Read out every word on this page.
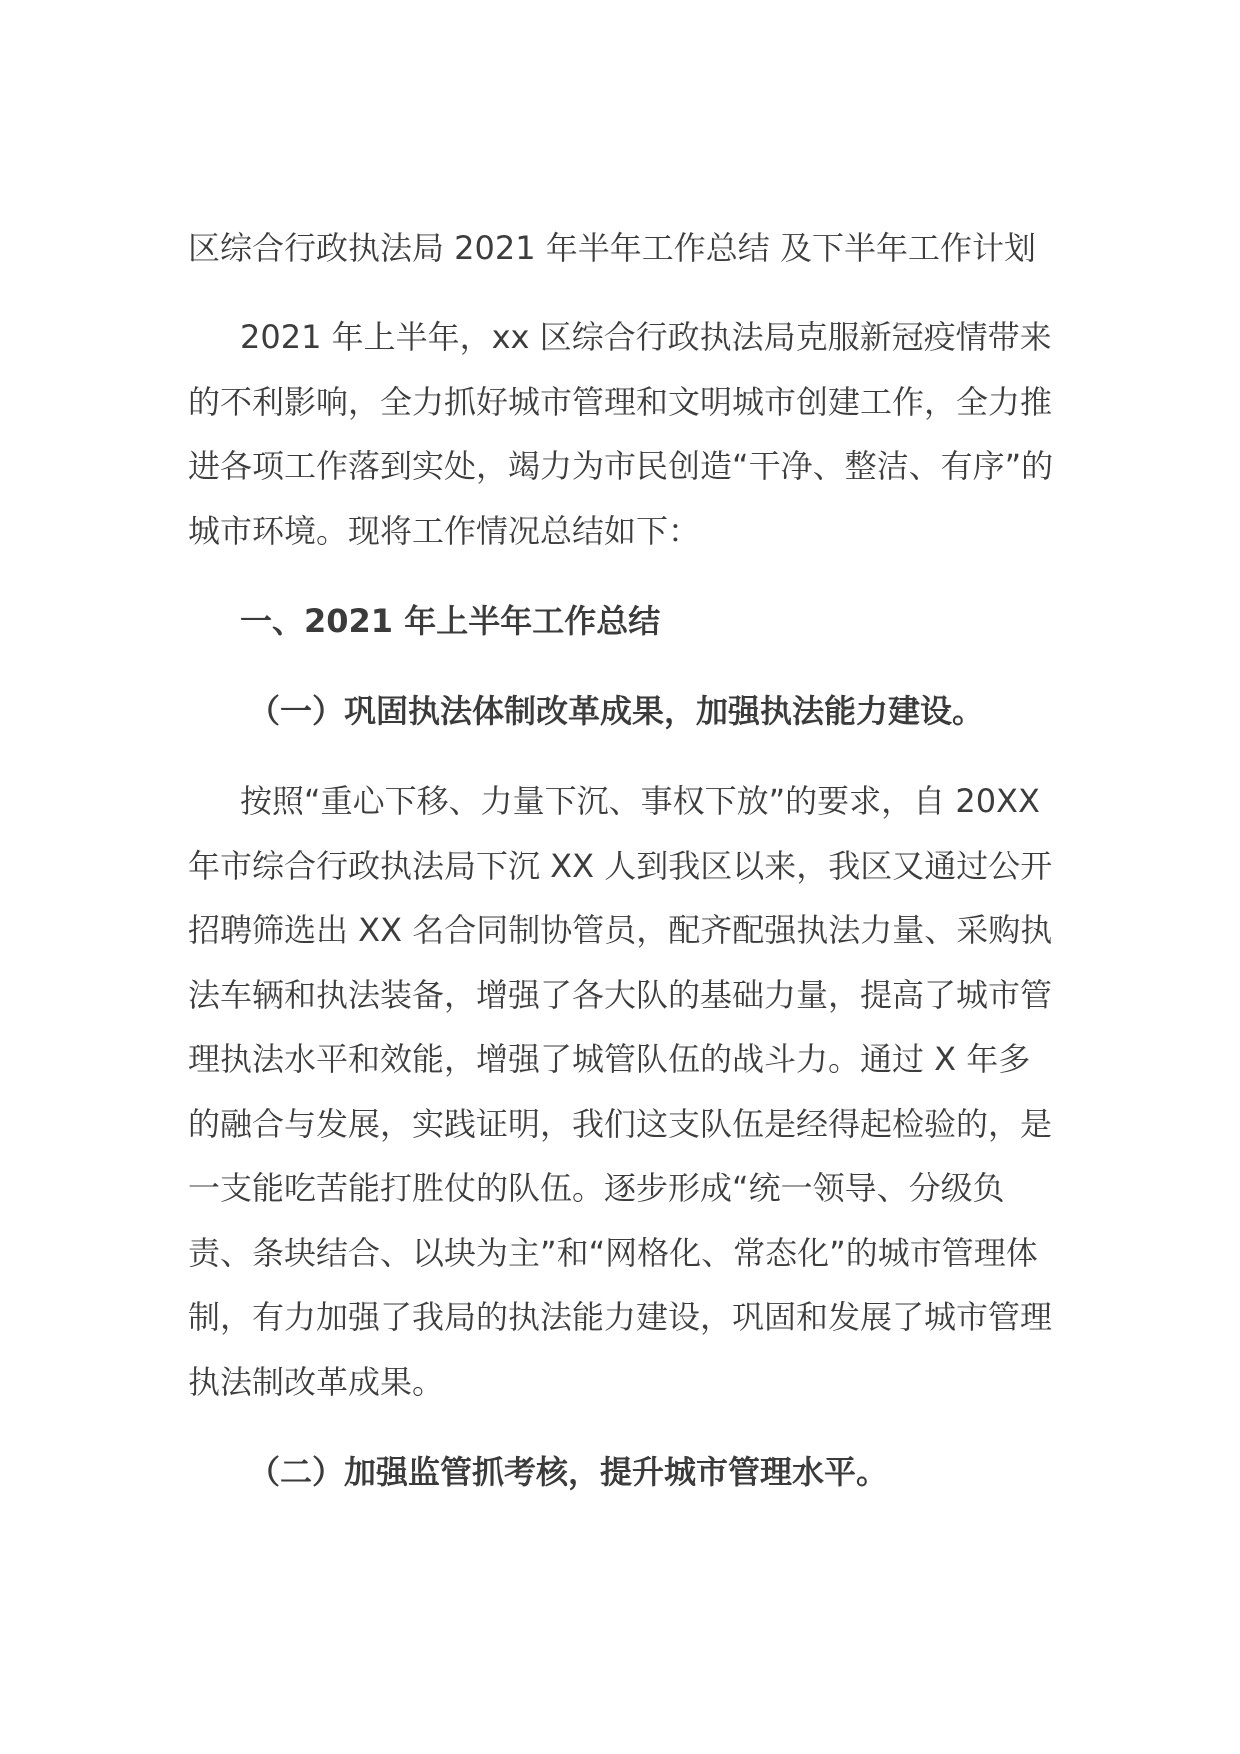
区综合行政执法局 2021 年半年工作总结 及下半年工作计划

2021 年上半年，xx 区综合行政执法局克服新冠疫情带来的不利影响，全力抓好城市管理和文明城市创建工作，全力推进各项工作落到实处，竭力为市民创造“干净、整洁、有序”的城市环境。现将工作情况总结如下：

一、2021 年上半年工作总结

（一）巩固执法体制改革成果，加强执法能力建设。

按照“重心下移、力量下沉、事权下放”的要求，自 20XX 年市综合行政执法局下沉 XX 人到我区以来，我区又通过公开招聘筛选出 XX 名合同制协管员，配齐配强执法力量、采购执法车辆和执法装备，增强了各大队的基础力量，提高了城市管理执法水平和效能，增强了城管队伍的战斗力。通过 X 年多的融合与发展，实践证明，我们这支队伍是经得起检验的，是一支能吃苦能打胜仗的队伍。逐步形成“统一领导、分级负责、条块结合、以块为主”和“网格化、常态化”的城市管理体制，有力加强了我局的执法能力建设，巩固和发展了城市管理执法制改革成果。

（二）加强监管抓考核，提升城市管理水平。
